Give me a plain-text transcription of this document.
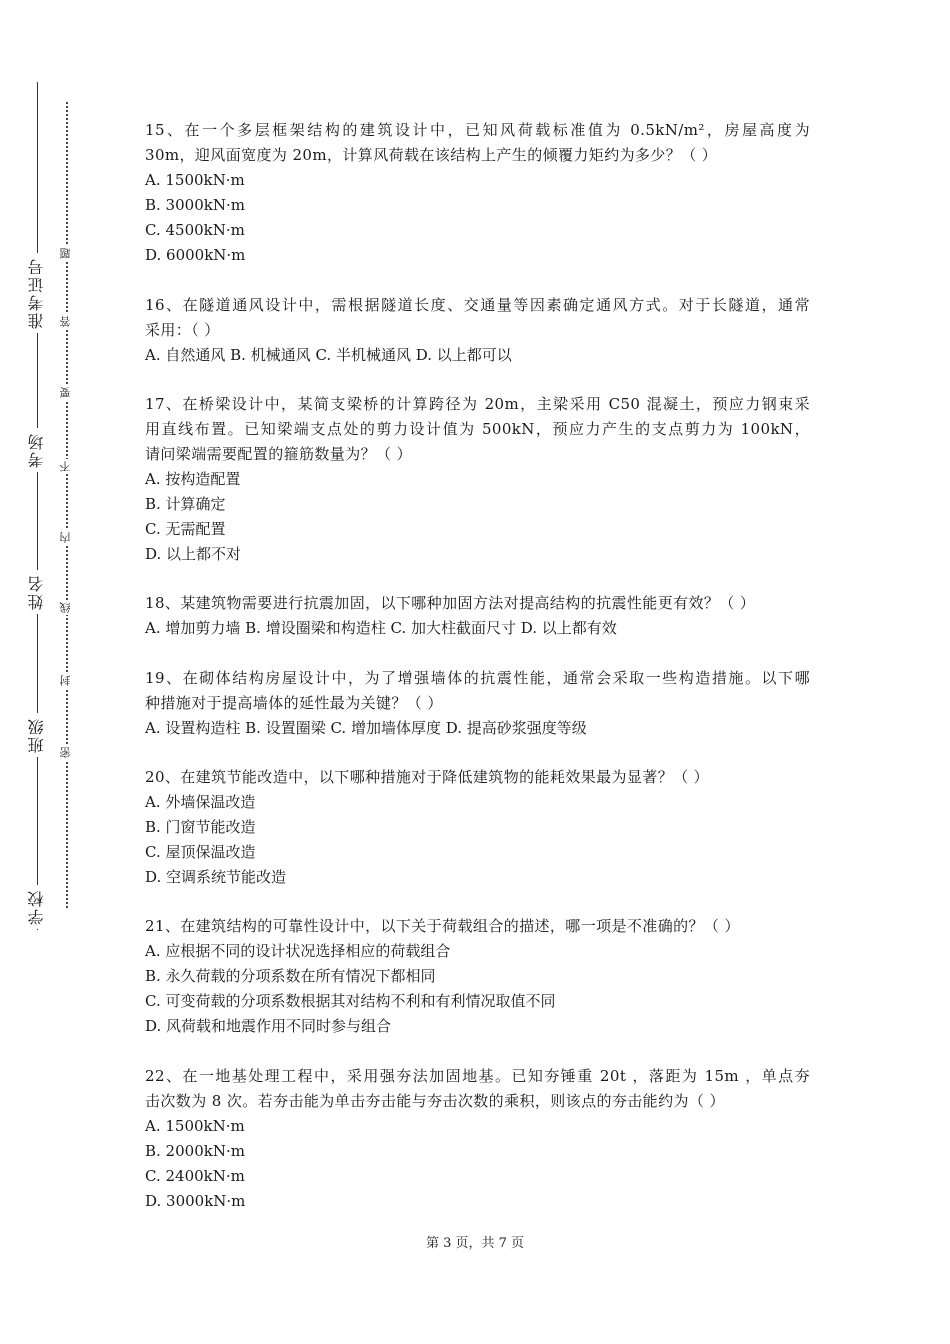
准考证号
考场
姓名
班级
学校
题
答
要
不
内
线
封
密
15、在一个多层框架结构的建筑设计中，已知风荷载标准值为 0.5kN/m²，房屋高度为
30m，迎风面宽度为 20m，计算风荷载在该结构上产生的倾覆力矩约为多少？（ ）
A. 1500kN·m
B. 3000kN·m
C. 4500kN·m
D. 6000kN·m
16、在隧道通风设计中，需根据隧道长度、交通量等因素确定通风方式。对于长隧道，通常
采用：（ ）
A. 自然通风 B. 机械通风 C. 半机械通风 D. 以上都可以
17、在桥梁设计中，某简支梁桥的计算跨径为 20m，主梁采用 C50 混凝土，预应力钢束采
用直线布置。已知梁端支点处的剪力设计值为 500kN，预应力产生的支点剪力为 100kN，
请问梁端需要配置的箍筋数量为？（ ）
A. 按构造配置
B. 计算确定
C. 无需配置
D. 以上都不对
18、某建筑物需要进行抗震加固，以下哪种加固方法对提高结构的抗震性能更有效？（ ）
A. 增加剪力墙 B. 增设圈梁和构造柱 C. 加大柱截面尺寸 D. 以上都有效
19、在砌体结构房屋设计中，为了增强墙体的抗震性能，通常会采取一些构造措施。以下哪
种措施对于提高墙体的延性最为关键？（ ）
A. 设置构造柱 B. 设置圈梁 C. 增加墙体厚度 D. 提高砂浆强度等级
20、在建筑节能改造中，以下哪种措施对于降低建筑物的能耗效果最为显著？（ ）
A. 外墙保温改造
B. 门窗节能改造
C. 屋顶保温改造
D. 空调系统节能改造
21、在建筑结构的可靠性设计中，以下关于荷载组合的描述，哪一项是不准确的？（ ）
A. 应根据不同的设计状况选择相应的荷载组合
B. 永久荷载的分项系数在所有情况下都相同
C. 可变荷载的分项系数根据其对结构不利和有利情况取值不同
D. 风荷载和地震作用不同时参与组合
22、在一地基处理工程中，采用强夯法加固地基。已知夯锤重 20t ，落距为 15m ，单点夯
击次数为 8 次。若夯击能为单击夯击能与夯击次数的乘积，则该点的夯击能约为（ ）
A. 1500kN·m
B. 2000kN·m
C. 2400kN·m
D. 3000kN·m
第 3 页，共 7 页
